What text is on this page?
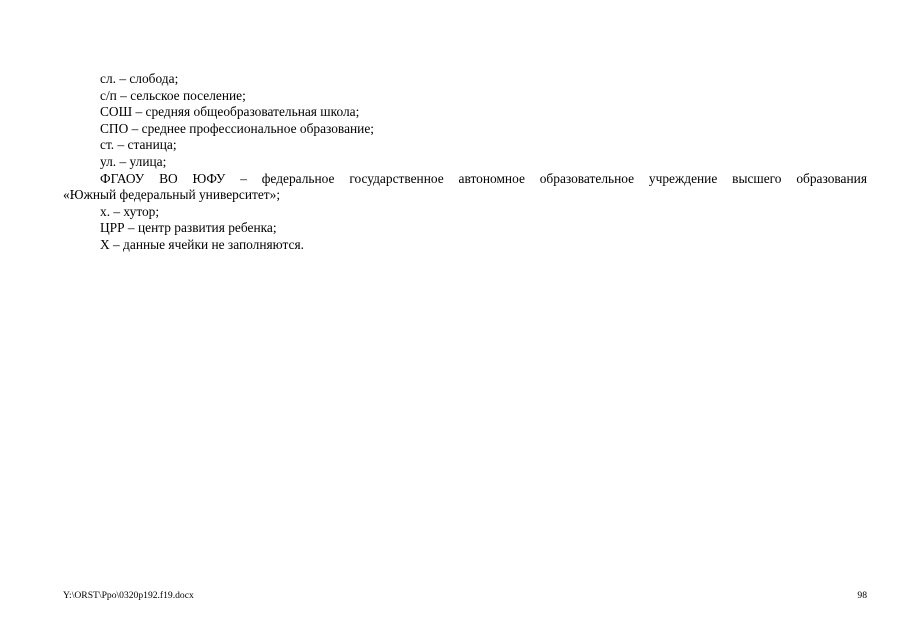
сл. – слобода;

с/п – сельское поселение;

СОШ – средняя общеобразовательная школа;

СПО – среднее профессиональное образование;

ст. – станица;

ул. – улица;

ФГАОУ ВО ЮФУ – федеральное государственное автономное образовательное учреждение высшего образования
«Южный федеральный университет»;

х. – хутор;

ЦРР – центр развития ребенка;

Х – данные ячейки не заполняются.

Y:\ORST\Ppo\0320p192.f19.docx	98
